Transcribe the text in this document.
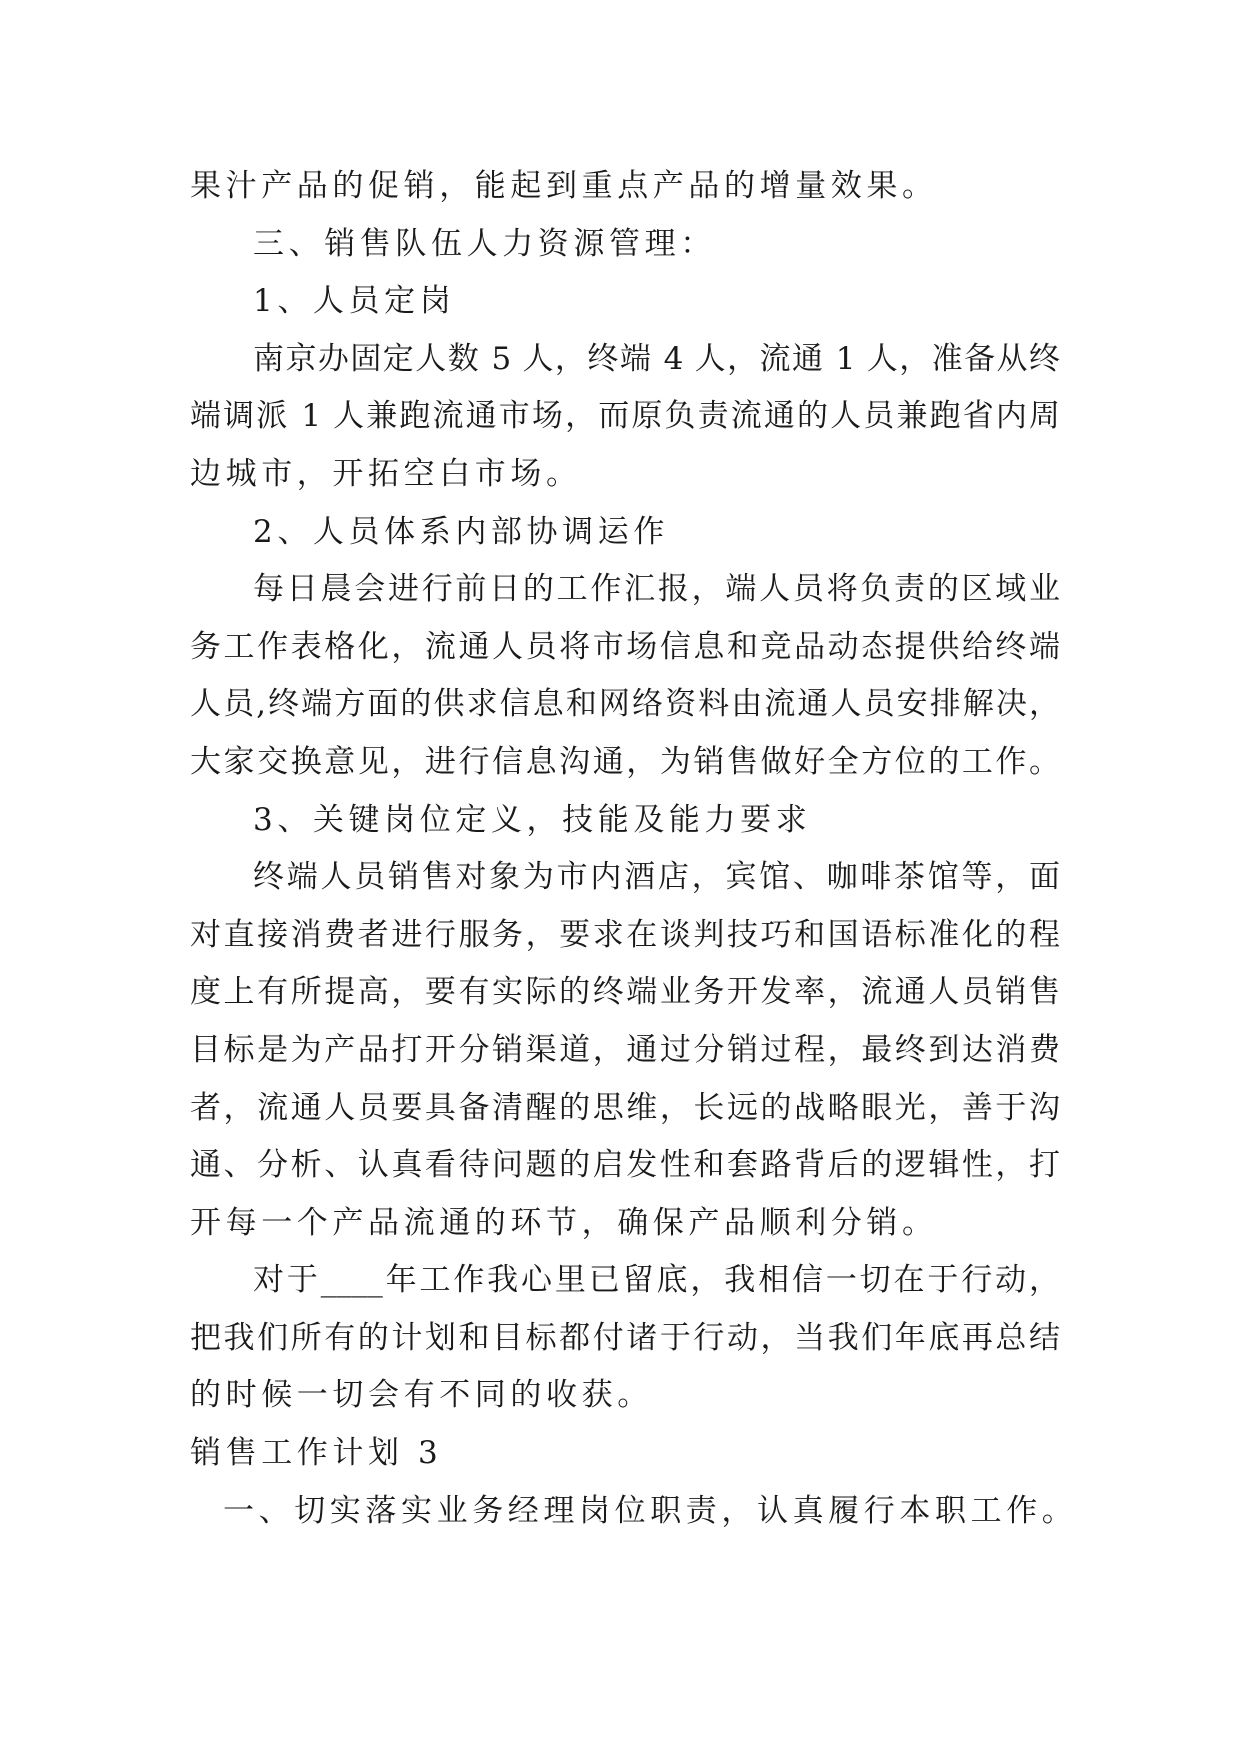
果汁产品的促销，能起到重点产品的增量效果。
三、销售队伍人力资源管理：
1、人员定岗
南京办固定人数 5 人，终端 4 人，流通 1 人，准备从终
端调派 1 人兼跑流通市场，而原负责流通的人员兼跑省内周
边城市，开拓空白市场。
2、人员体系内部协调运作
每日晨会进行前日的工作汇报，端人员将负责的区域业
务工作表格化，流通人员将市场信息和竞品动态提供给终端
人员,终端方面的供求信息和网络资料由流通人员安排解决，
大家交换意见，进行信息沟通，为销售做好全方位的工作。
3、关键岗位定义，技能及能力要求
终端人员销售对象为市内酒店，宾馆、咖啡茶馆等，面
对直接消费者进行服务，要求在谈判技巧和国语标准化的程
度上有所提高，要有实际的终端业务开发率，流通人员销售
目标是为产品打开分销渠道，通过分销过程，最终到达消费
者，流通人员要具备清醒的思维，长远的战略眼光，善于沟
通、分析、认真看待问题的启发性和套路背后的逻辑性，打
开每一个产品流通的环节，确保产品顺利分销。
对于____年工作我心里已留底，我相信一切在于行动，
把我们所有的计划和目标都付诸于行动，当我们年底再总结
的时候一切会有不同的收获。
销售工作计划 3
一、切实落实业务经理岗位职责，认真履行本职工作。
